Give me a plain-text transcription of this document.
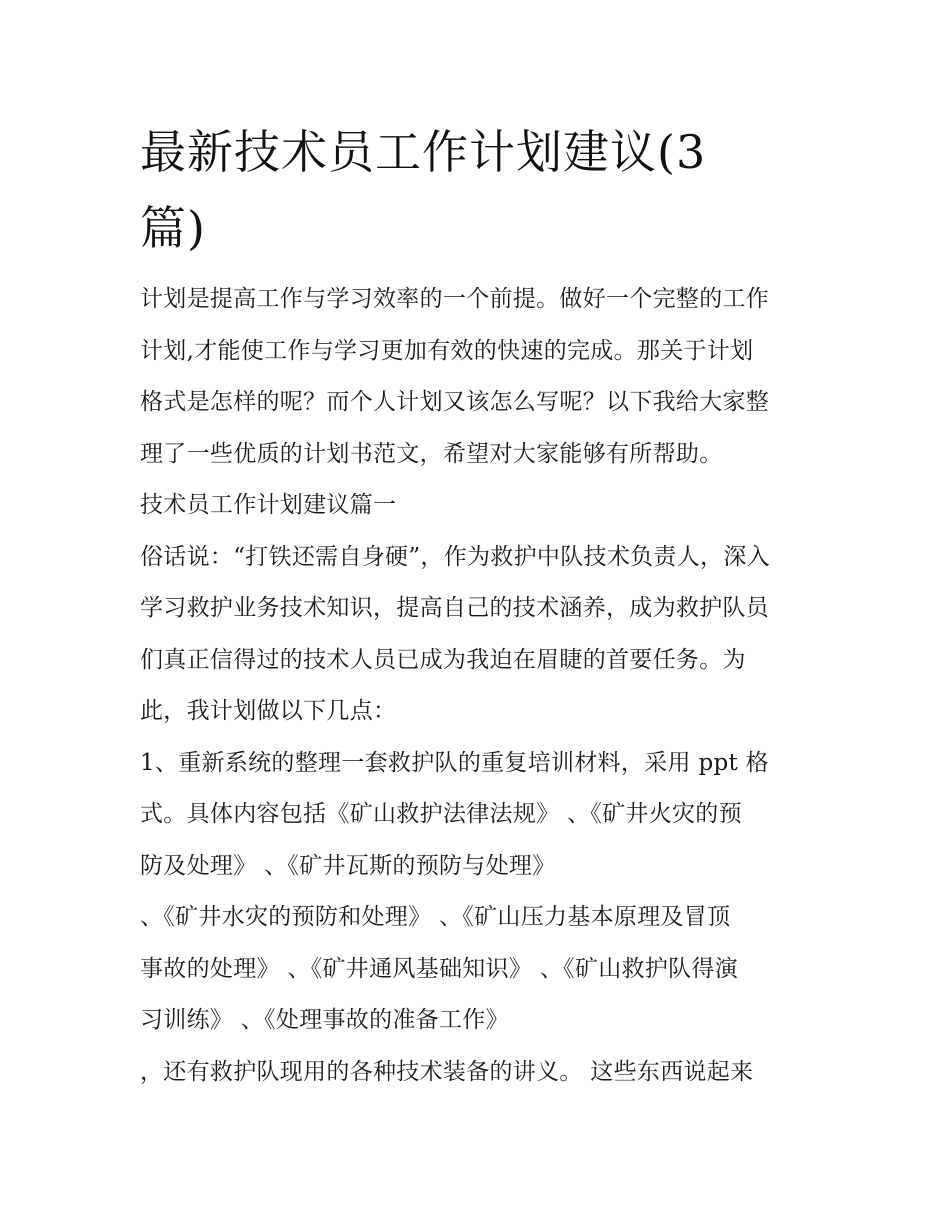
最新技术员工作计划建议(3
篇)
计划是提高工作与学习效率的一个前提。做好一个完整的工作
计划,才能使工作与学习更加有效的快速的完成。那关于计划
格式是怎样的呢？而个人计划又该怎么写呢？以下我给大家整
理了一些优质的计划书范文，希望对大家能够有所帮助。
技术员工作计划建议篇一
俗话说：“打铁还需自身硬”，作为救护中队技术负责人，深入
学习救护业务技术知识，提高自己的技术涵养，成为救护队员
们真正信得过的技术人员已成为我迫在眉睫的首要任务。为
此，我计划做以下几点：
1、重新系统的整理一套救护队的重复培训材料，采用 ppt 格
式。具体内容包括《矿山救护法律法规》 、《矿井火灾的预
防及处理》 、《矿井瓦斯的预防与处理》
、《矿井水灾的预防和处理》 、《矿山压力基本原理及冒顶
事故的处理》 、《矿井通风基础知识》 、《矿山救护队得演
习训练》 、《处理事故的准备工作》
，还有救护队现用的各种技术装备的讲义。 这些东西说起来
